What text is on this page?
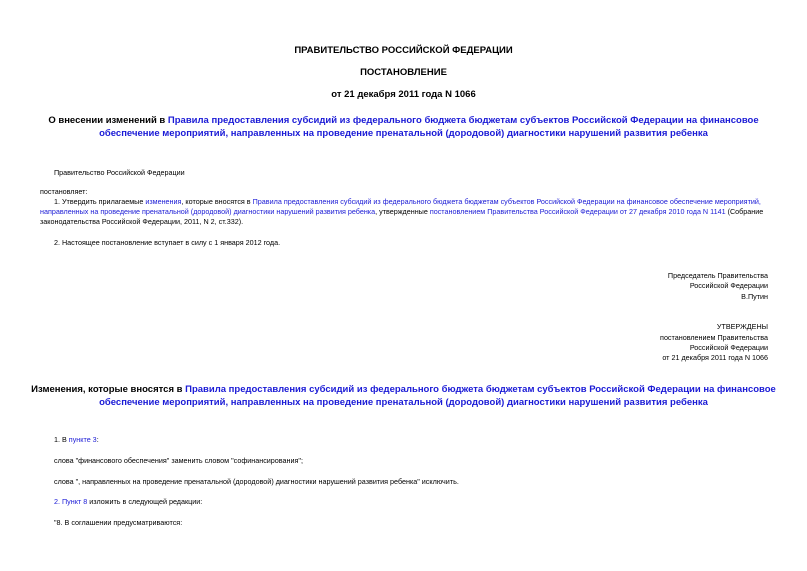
ПРАВИТЕЛЬСТВО РОССИЙСКОЙ ФЕДЕРАЦИИ
ПОСТАНОВЛЕНИЕ
от 21 декабря 2011 года N 1066
О внесении изменений в Правила предоставления субсидий из федерального бюджета бюджетам субъектов Российской Федерации на финансовое обеспечение мероприятий, направленных на проведение пренатальной (дородовой) диагностики нарушений развития ребенка
Правительство Российской Федерации
постановляет:
1. Утвердить прилагаемые изменения, которые вносятся в Правила предоставления субсидий из федерального бюджета бюджетам субъектов Российской Федерации на финансовое обеспечение мероприятий, направленных на проведение пренатальной (дородовой) диагностики нарушений развития ребенка, утвержденные постановлением Правительства Российской Федерации от 27 декабря 2010 года N 1141 (Собрание законодательства Российской Федерации, 2011, N 2, ст.332).
2. Настоящее постановление вступает в силу с 1 января 2012 года.
Председатель Правительства
Российской Федерации
В.Путин
УТВЕРЖДЕНЫ
постановлением Правительства
Российской Федерации
от 21 декабря 2011 года N 1066
Изменения, которые вносятся в Правила предоставления субсидий из федерального бюджета бюджетам субъектов Российской Федерации на финансовое обеспечение мероприятий, направленных на проведение пренатальной (дородовой) диагностики нарушений развития ребенка
1. В пункте 3:
слова "финансового обеспечения" заменить словом "софинансирования";
слова ", направленных на проведение пренатальной (дородовой) диагностики нарушений развития ребенка" исключить.
2. Пункт 8 изложить в следующей редакции:
"8. В соглашении предусматриваются:
